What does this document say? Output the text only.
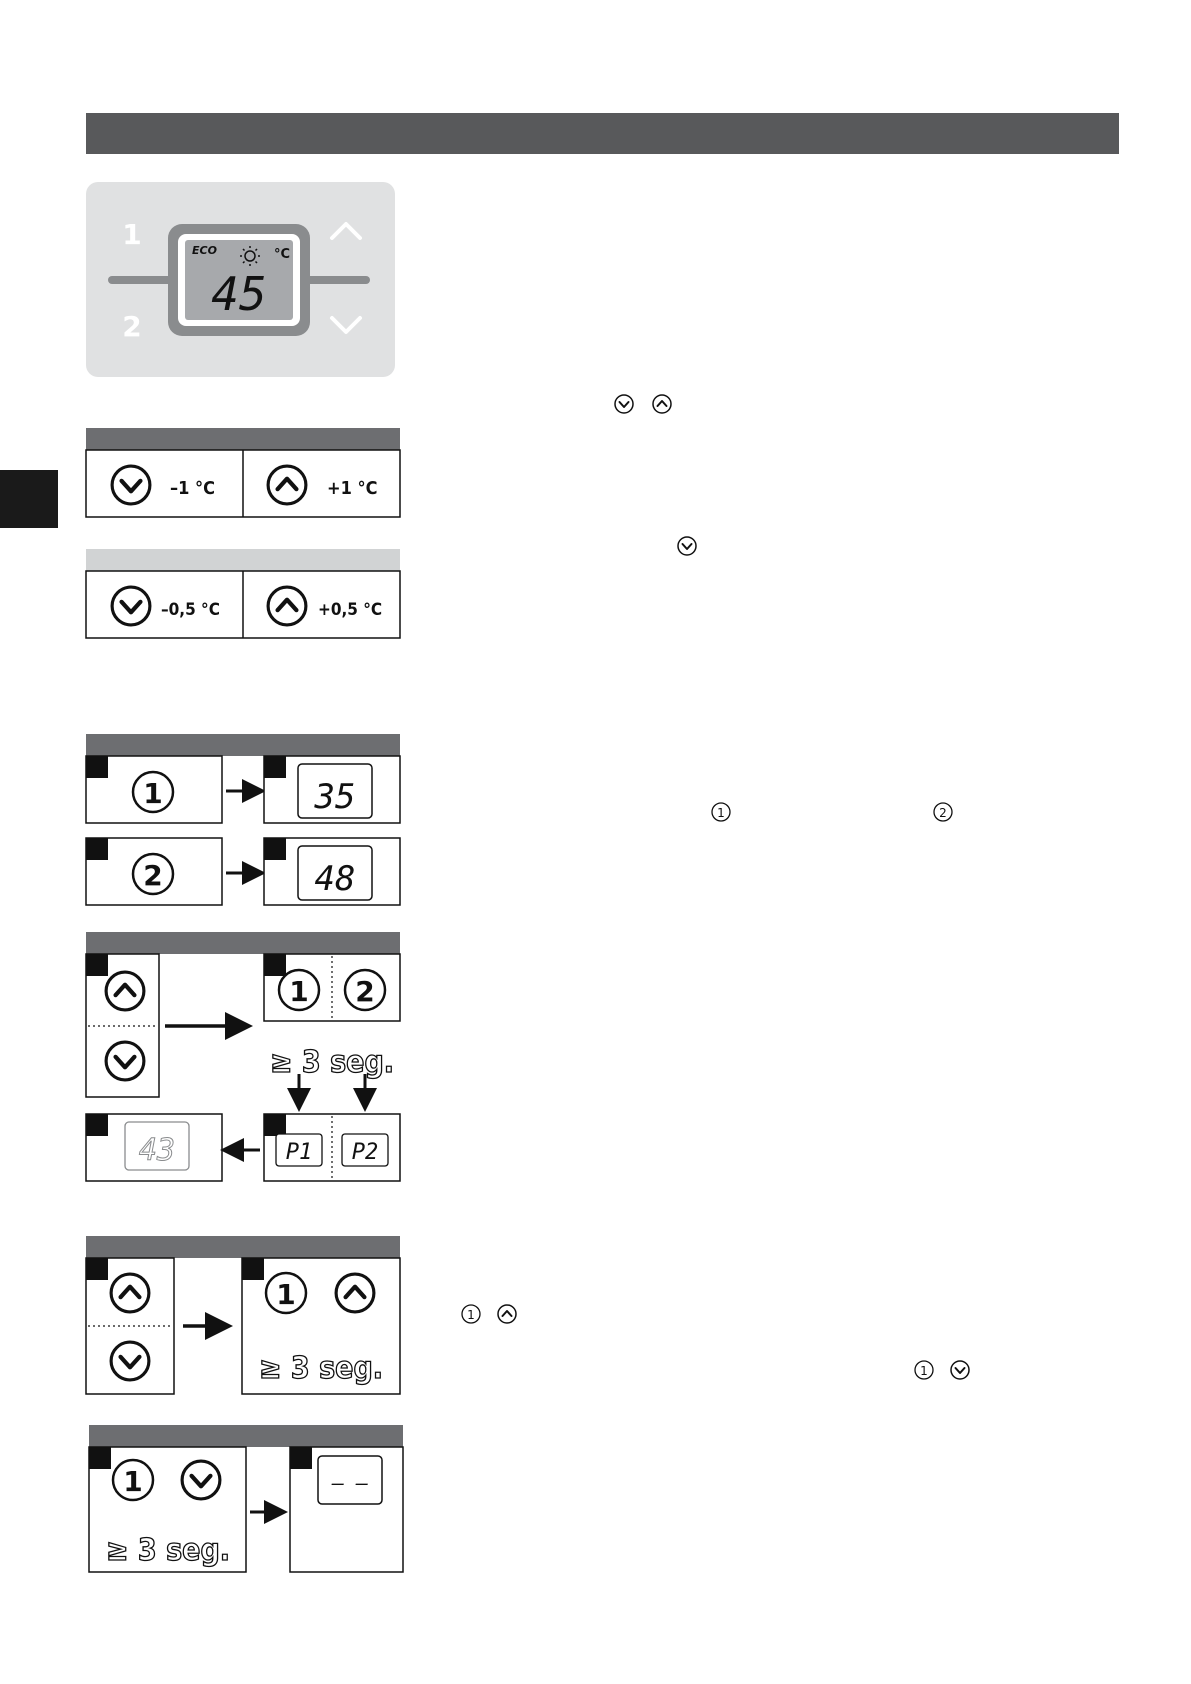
1
2
ECO	°C
45
–1 °C	+1 °C
–0,5 °C	+0,5 °C
1	35
2	48
1	2
1 2
≥ 3 seg.
43	P1 P2
1
≥ 3 seg.
1
1
1
≥ 3 seg.
– –
